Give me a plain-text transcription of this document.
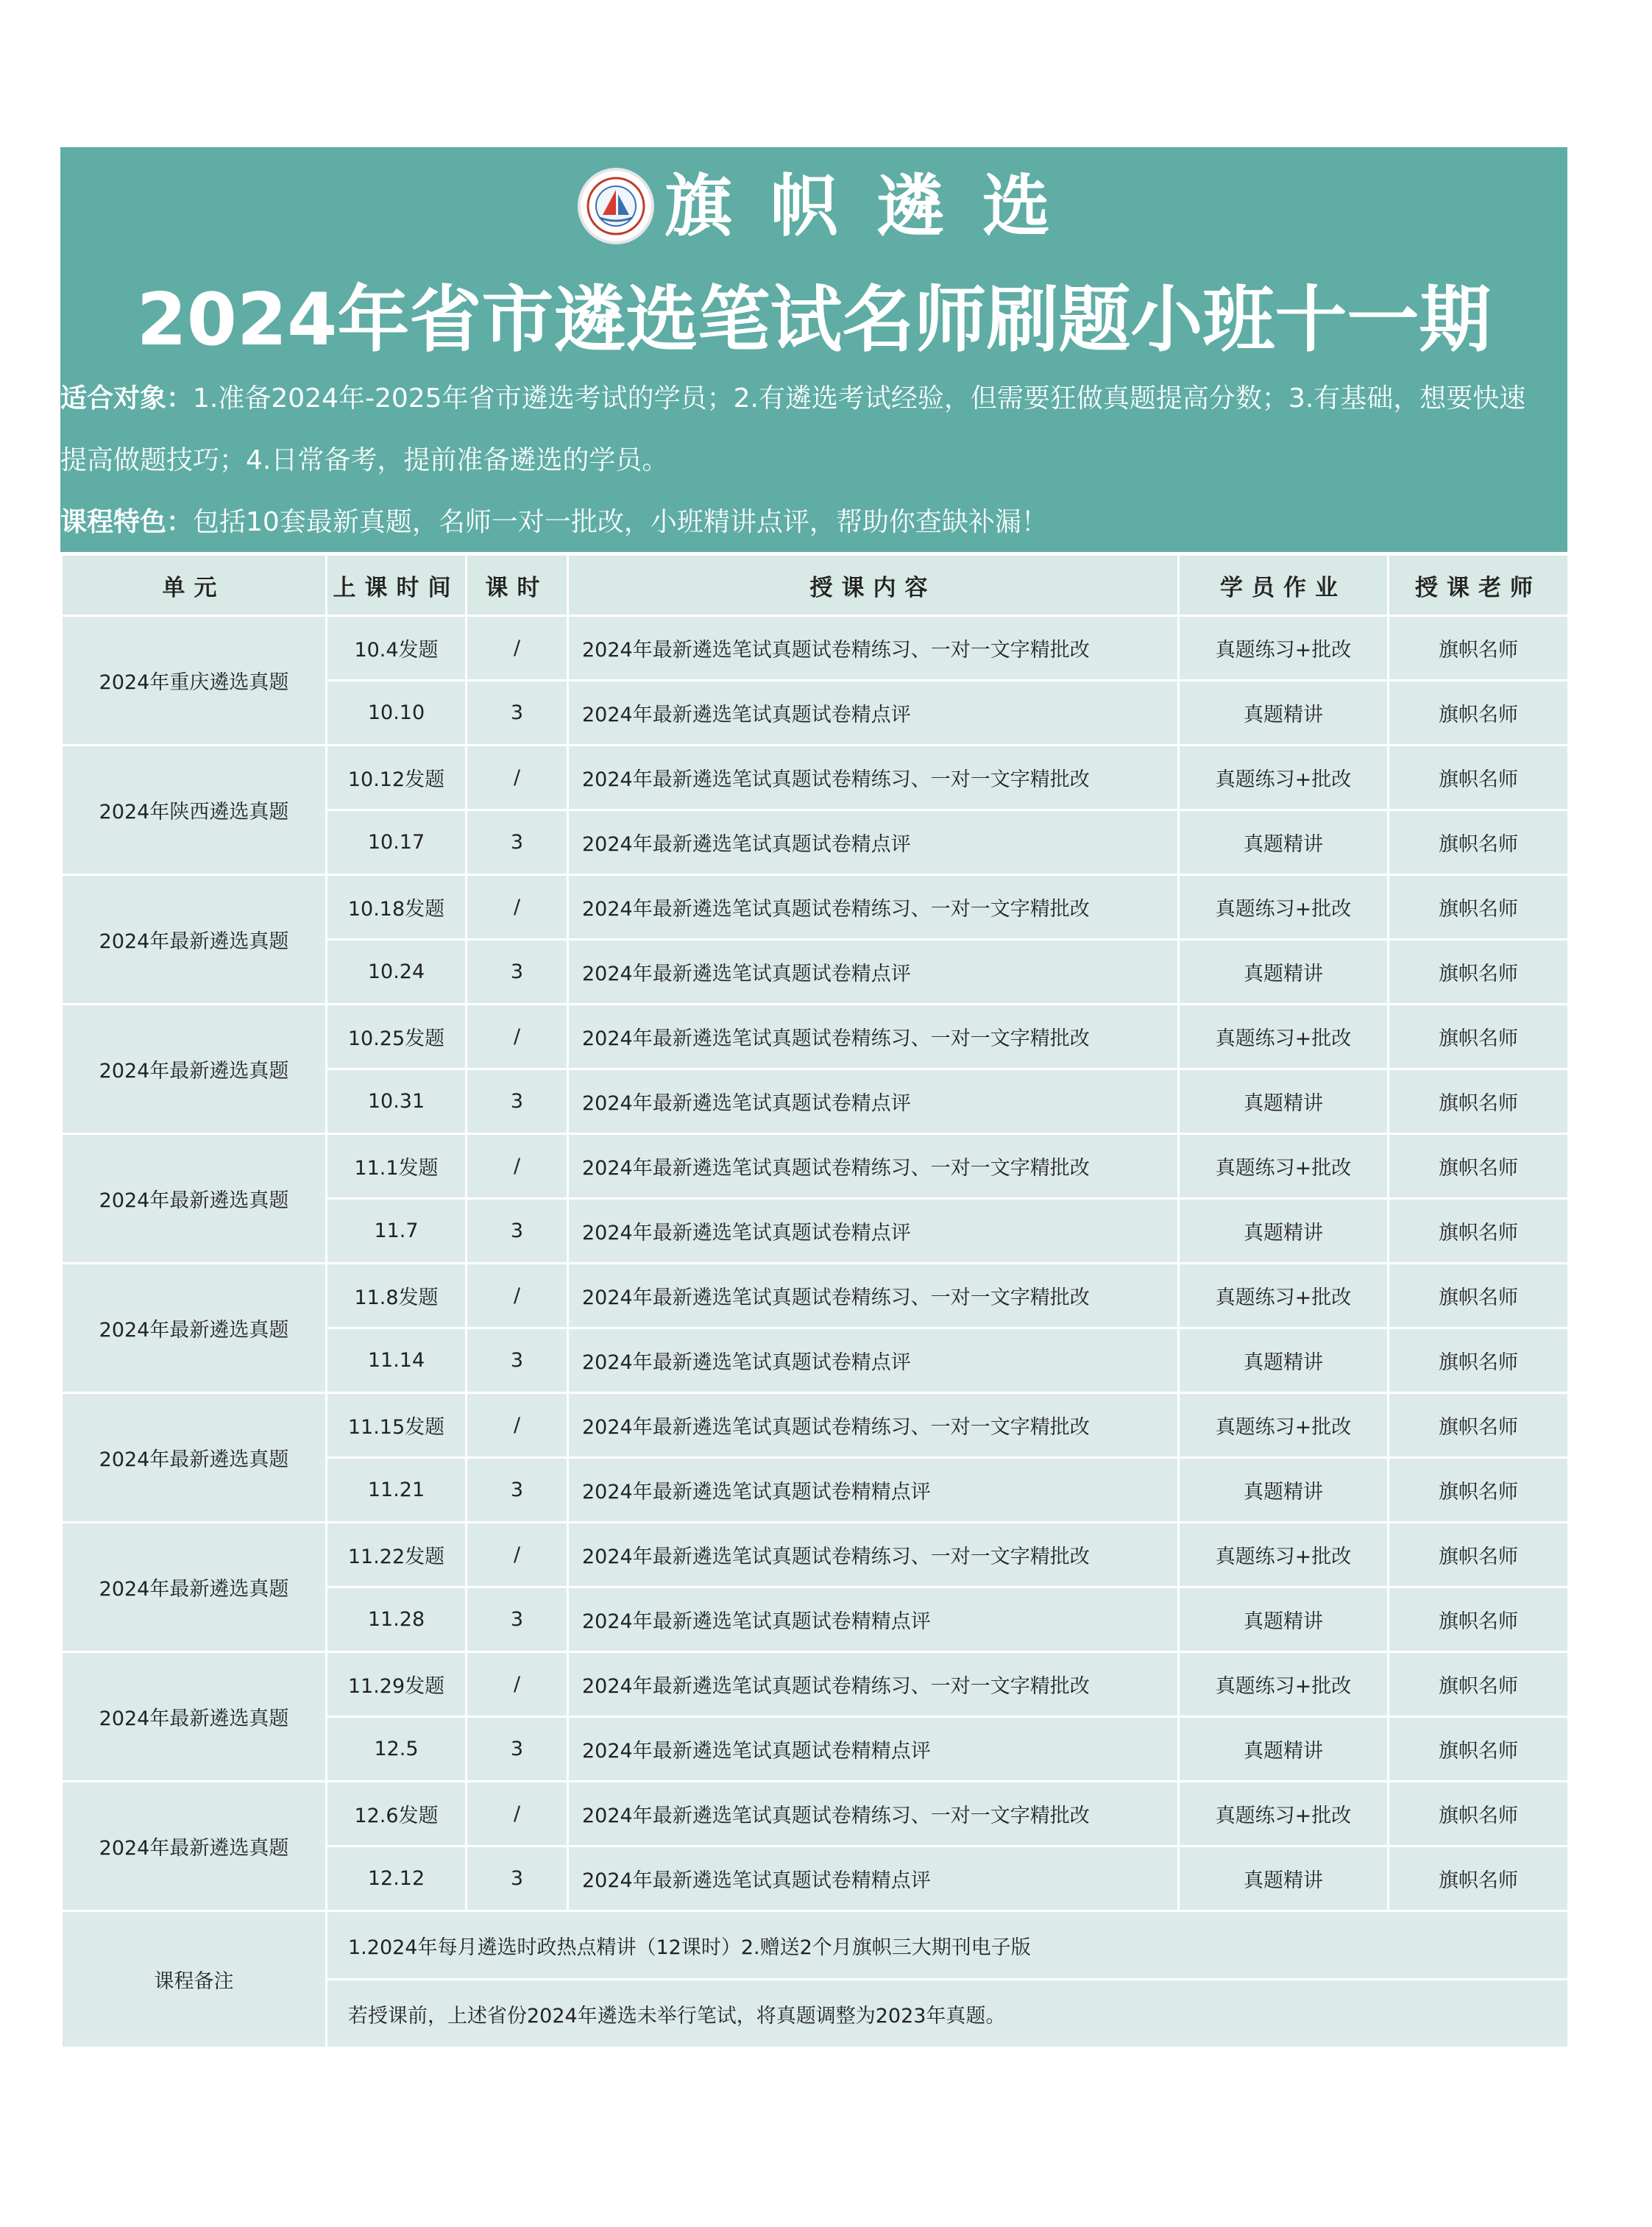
旗帜遴选
2024年省市遴选笔试名师刷题小班十一期
适合对象：1.准备2024年-2025年省市遴选考试的学员；2.有遴选考试经验，但需要狂做真题提高分数；3.有基础，想要快速
提高做题技巧；4.日常备考，提前准备遴选的学员。
课程特色：包括10套最新真题，名师一对一批改，小班精讲点评，帮助你查缺补漏！
单元	上课时间	课时	授课内容	学员作业	授课老师
2024年重庆遴选真题	10.4发题	/	2024年最新遴选笔试真题试卷精练习、一对一文字精批改	真题练习+批改	旗帜名师
	10.10	3	2024年最新遴选笔试真题试卷精点评	真题精讲	旗帜名师
2024年陕西遴选真题	10.12发题	/	2024年最新遴选笔试真题试卷精练习、一对一文字精批改	真题练习+批改	旗帜名师
	10.17	3	2024年最新遴选笔试真题试卷精点评	真题精讲	旗帜名师
2024年最新遴选真题	10.18发题	/	2024年最新遴选笔试真题试卷精练习、一对一文字精批改	真题练习+批改	旗帜名师
	10.24	3	2024年最新遴选笔试真题试卷精点评	真题精讲	旗帜名师
2024年最新遴选真题	10.25发题	/	2024年最新遴选笔试真题试卷精练习、一对一文字精批改	真题练习+批改	旗帜名师
	10.31	3	2024年最新遴选笔试真题试卷精点评	真题精讲	旗帜名师
2024年最新遴选真题	11.1发题	/	2024年最新遴选笔试真题试卷精练习、一对一文字精批改	真题练习+批改	旗帜名师
	11.7	3	2024年最新遴选笔试真题试卷精点评	真题精讲	旗帜名师
2024年最新遴选真题	11.8发题	/	2024年最新遴选笔试真题试卷精练习、一对一文字精批改	真题练习+批改	旗帜名师
	11.14	3	2024年最新遴选笔试真题试卷精点评	真题精讲	旗帜名师
2024年最新遴选真题	11.15发题	/	2024年最新遴选笔试真题试卷精练习、一对一文字精批改	真题练习+批改	旗帜名师
	11.21	3	2024年最新遴选笔试真题试卷精精点评	真题精讲	旗帜名师
2024年最新遴选真题	11.22发题	/	2024年最新遴选笔试真题试卷精练习、一对一文字精批改	真题练习+批改	旗帜名师
	11.28	3	2024年最新遴选笔试真题试卷精精点评	真题精讲	旗帜名师
2024年最新遴选真题	11.29发题	/	2024年最新遴选笔试真题试卷精练习、一对一文字精批改	真题练习+批改	旗帜名师
	12.5	3	2024年最新遴选笔试真题试卷精精点评	真题精讲	旗帜名师
2024年最新遴选真题	12.6发题	/	2024年最新遴选笔试真题试卷精练习、一对一文字精批改	真题练习+批改	旗帜名师
	12.12	3	2024年最新遴选笔试真题试卷精精点评	真题精讲	旗帜名师
课程备注	1.2024年每月遴选时政热点精讲（12课时）2.赠送2个月旗帜三大期刊电子版				
	若授课前，上述省份2024年遴选未举行笔试，将真题调整为2023年真题。				
